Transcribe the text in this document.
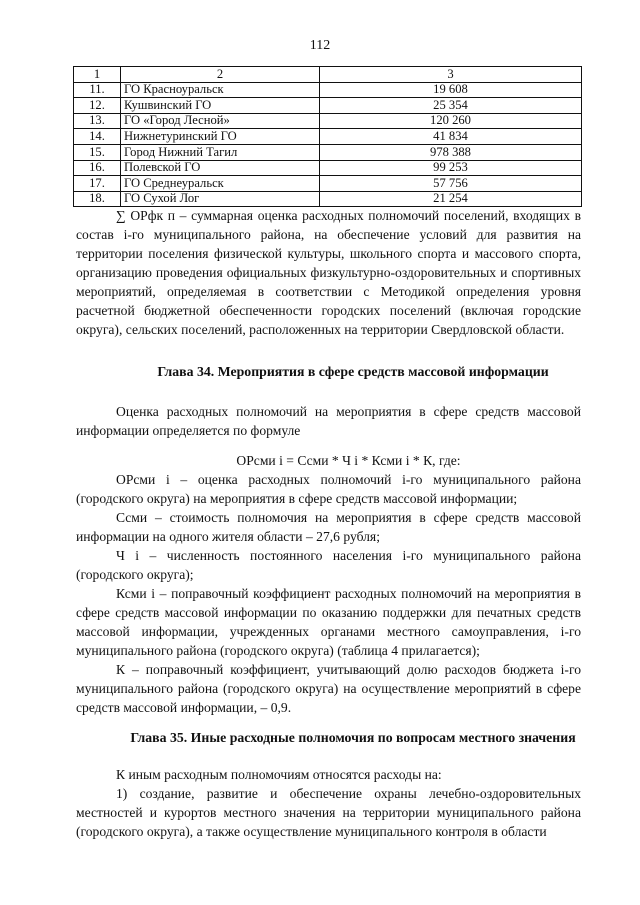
112
1	2	3
11.	ГО Красноуральск	19 608
12.	Кушвинский ГО	25 354
13.	ГО «Город Лесной»	120 260
14.	Нижнетуринский ГО	41 834
15.	Город Нижний Тагил	978 388
16.	Полевской ГО	99 253
17.	ГО Среднеуральск	57 756
18.	ГО Сухой Лог	21 254

∑ ОРфк п – суммарная оценка расходных полномочий поселений, входящих в состав i-го муниципального района, на обеспечение условий для развития на территории поселения физической культуры, школьного спорта и массового спорта, организацию проведения официальных физкультурно-оздоровительных и спортивных мероприятий, определяемая в соответствии с Методикой определения уровня расчетной бюджетной обеспеченности городских поселений (включая городские округа), сельских поселений, расположенных на территории Свердловской области.

Глава 34. Мероприятия в сфере средств массовой информации

Оценка расходных полномочий на мероприятия в сфере средств массовой информации определяется по формуле

ОРсми i = Ссми * Ч i * Ксми i * К, где:

ОРсми i – оценка расходных полномочий i-го муниципального района (городского округа) на мероприятия в сфере средств массовой информации;

Ссми – стоимость полномочия на мероприятия в сфере средств массовой информации на одного жителя области – 27,6 рубля;

Ч i – численность постоянного населения i-го муниципального района (городского округа);

Ксми i – поправочный коэффициент расходных полномочий на мероприятия в сфере средств массовой информации по оказанию поддержки для печатных средств массовой информации, учрежденных органами местного самоуправления, i-го муниципального района (городского округа) (таблица 4 прилагается);

К – поправочный коэффициент, учитывающий долю расходов бюджета i-го муниципального района (городского округа) на осуществление мероприятий в сфере средств массовой информации, – 0,9.

Глава 35. Иные расходные полномочия по вопросам местного значения

К иным расходным полномочиям относятся расходы на:

1) создание, развитие и обеспечение охраны лечебно-оздоровительных местностей и курортов местного значения на территории муниципального района (городского округа), а также осуществление муниципального контроля в области
